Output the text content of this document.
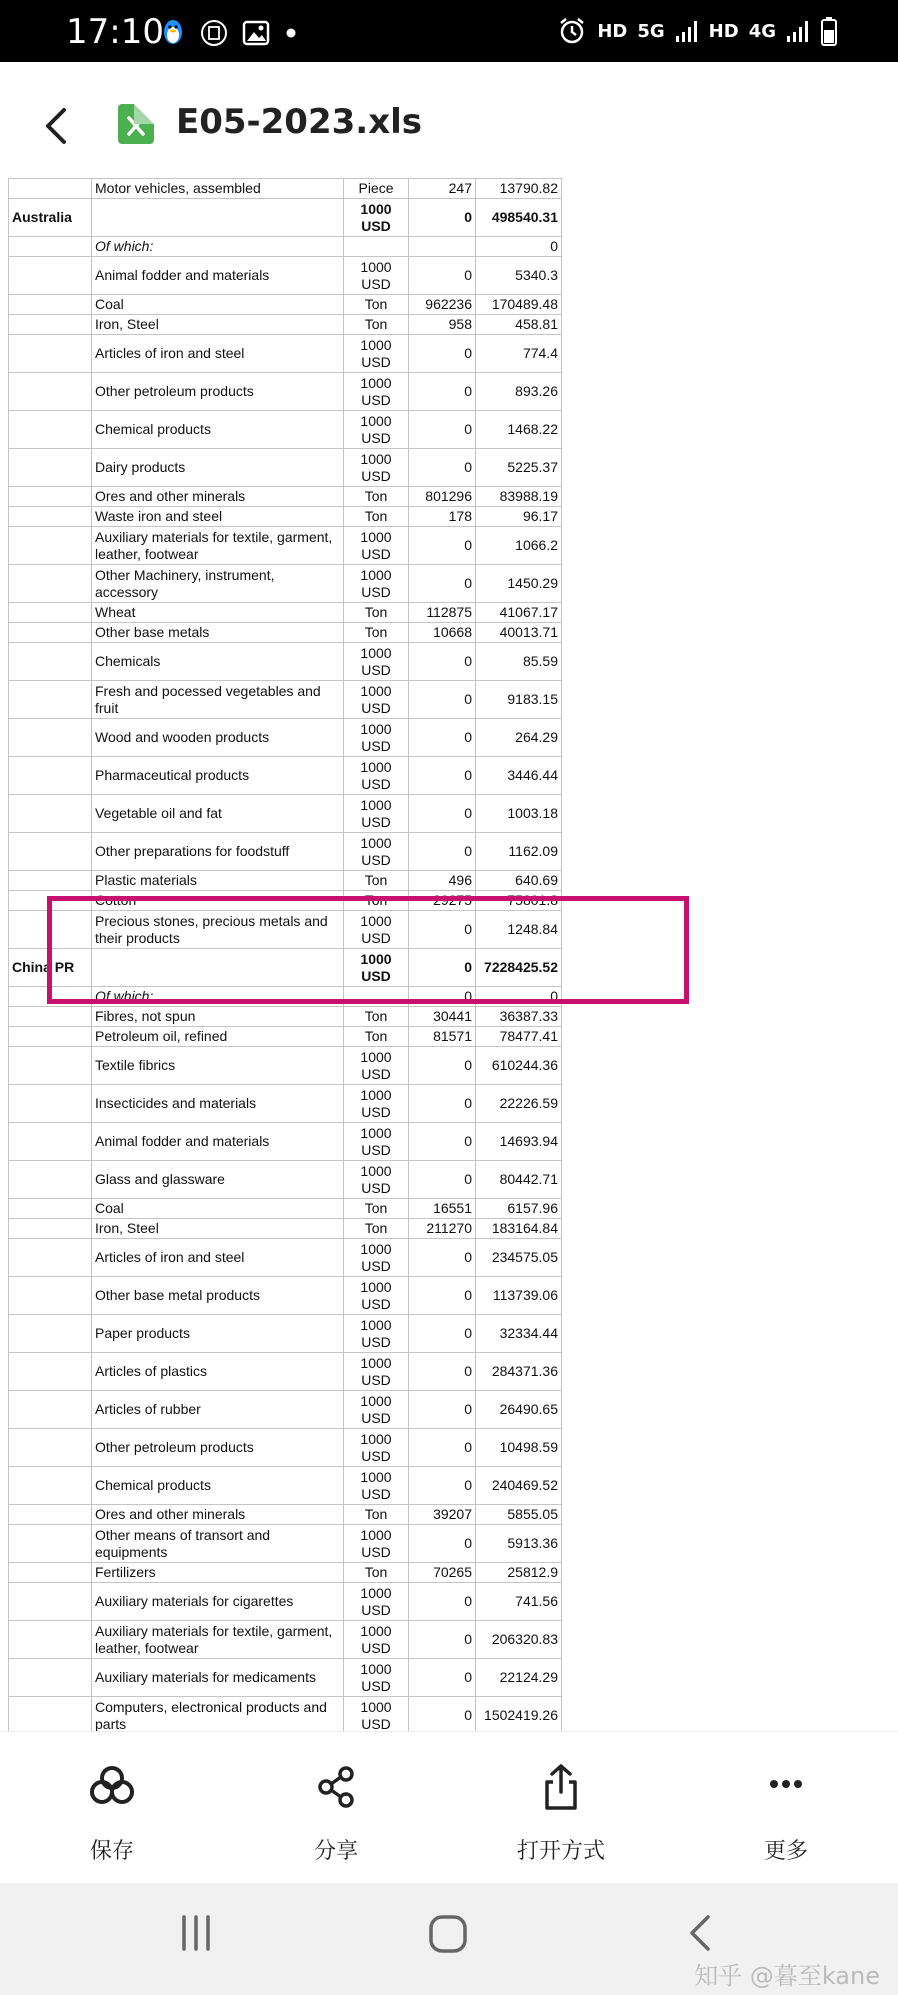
17:10	HD 5G HD 4G
E05-2023.xls
	Motor vehicles, assembled	Piece	247	13790.82
Australia		1000 USD	0	498540.31
	Of which:			0
	Animal fodder and materials	1000 USD	0	5340.3
	Coal	Ton	962236	170489.48
	Iron, Steel	Ton	958	458.81
	Articles of iron and steel	1000 USD	0	774.4
	Other petroleum products	1000 USD	0	893.26
	Chemical products	1000 USD	0	1468.22
	Dairy products	1000 USD	0	5225.37
	Ores and other minerals	Ton	801296	83988.19
	Waste iron and steel	Ton	178	96.17
	Auxiliary materials for textile, garment, leather, footwear	1000 USD	0	1066.2
	Other Machinery, instrument, accessory	1000 USD	0	1450.29
	Wheat	Ton	112875	41067.17
	Other base metals	Ton	10668	40013.71
	Chemicals	1000 USD	0	85.59
	Fresh and pocessed vegetables and fruit	1000 USD	0	9183.15
	Wood and wooden products	1000 USD	0	264.29
	Pharmaceutical products	1000 USD	0	3446.44
	Vegetable oil and fat	1000 USD	0	1003.18
	Other preparations for foodstuff	1000 USD	0	1162.09
	Plastic materials	Ton	496	640.69
	Cotton	Ton	29275	75801.8
	Precious stones, precious metals and their products	1000 USD	0	1248.84
China PR		1000 USD	0	7228425.52
	Of which:		0	0
	Fibres, not spun	Ton	30441	36387.33
	Petroleum oil, refined	Ton	81571	78477.41
	Textile fibrics	1000 USD	0	610244.36
	Insecticides and materials	1000 USD	0	22226.59
	Animal fodder and materials	1000 USD	0	14693.94
	Glass and glassware	1000 USD	0	80442.71
	Coal	Ton	16551	6157.96
	Iron, Steel	Ton	211270	183164.84
	Articles of iron and steel	1000 USD	0	234575.05
	Other base metal products	1000 USD	0	113739.06
	Paper products	1000 USD	0	32334.44
	Articles of plastics	1000 USD	0	284371.36
	Articles of rubber	1000 USD	0	26490.65
	Other petroleum products	1000 USD	0	10498.59
	Chemical products	1000 USD	0	240469.52
	Ores and other minerals	Ton	39207	5855.05
	Other means of transort and equipments	1000 USD	0	5913.36
	Fertilizers	Ton	70265	25812.9
	Auxiliary materials for cigarettes	1000 USD	0	741.56
	Auxiliary materials for textile, garment, leather, footwear	1000 USD	0	206320.83
	Auxiliary materials for medicaments	1000 USD	0	22124.29
	Computers, electronical products and parts	1000 USD	0	1502419.26

保存	分享	打开方式	更多
知乎 @暮至kane
